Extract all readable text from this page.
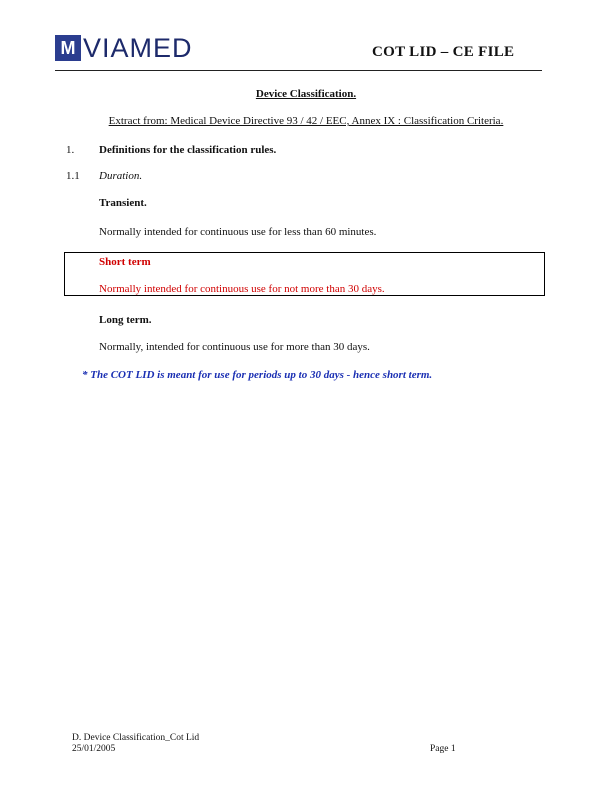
M VIAMED	COT LID – CE FILE
Device Classification.
Extract from: Medical Device Directive 93 / 42 / EEC, Annex IX : Classification Criteria.
1. Definitions for the classification rules.
1.1 Duration.
Transient.
Normally intended for continuous use for less than 60 minutes.
Short term
Normally intended for continuous use for not more than 30 days.
Long term.
Normally, intended for continuous use for more than 30 days.
* The COT LID is meant for use for periods up to 30 days - hence short term.
D. Device Classification_Cot Lid
25/01/2005	Page 1
